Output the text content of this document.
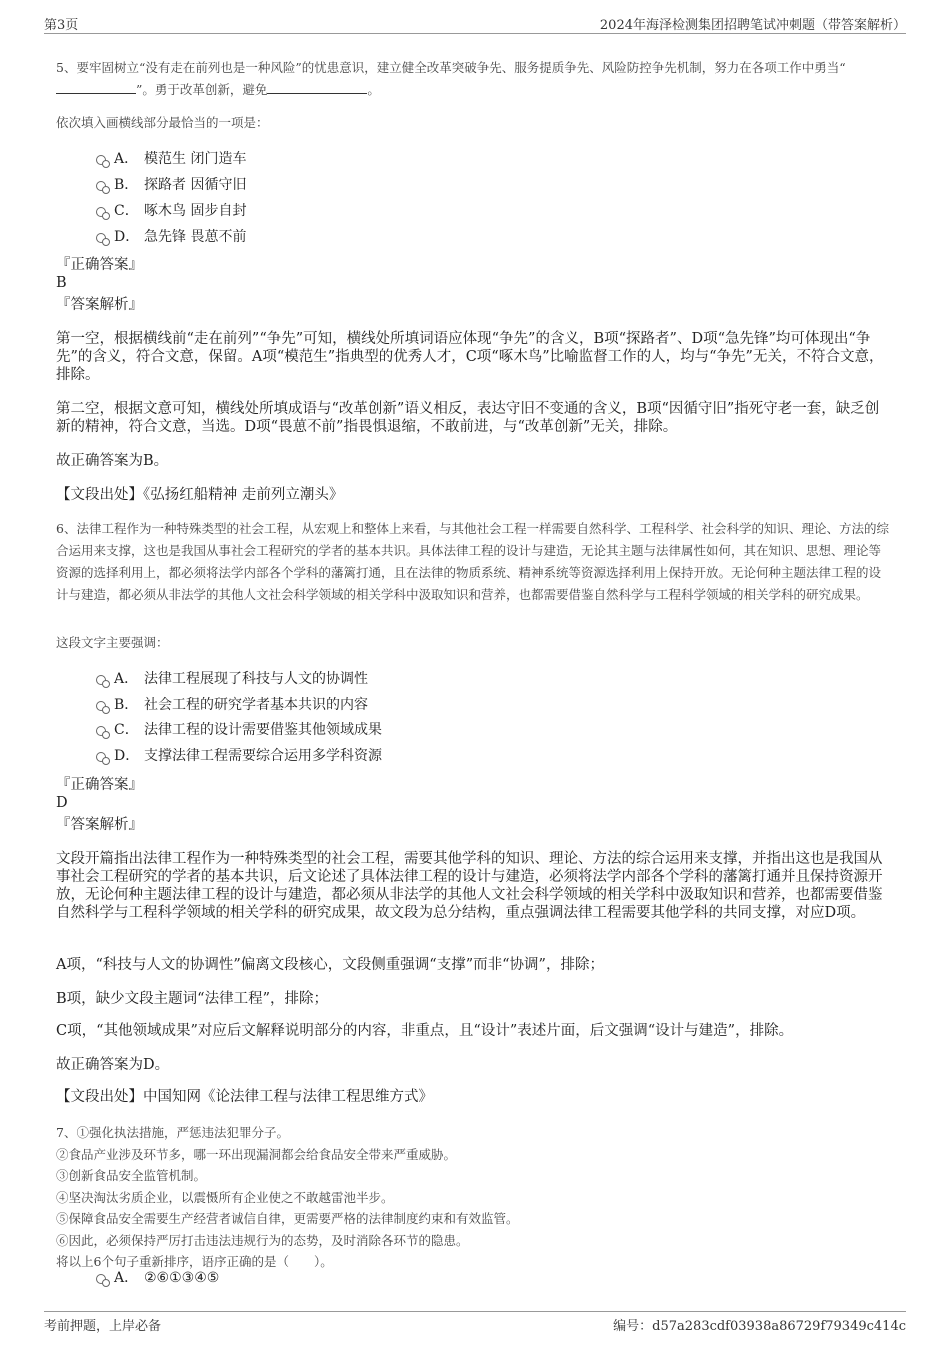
第3页	2024年海泽检测集团招聘笔试冲刺题（带答案解析）
5、要牢固树立“没有走在前列也是一种风险”的忧患意识，建立健全改革突破争先、服务提质争先、风险防控争先机制，努力在各项工作中勇当“”。勇于改革创新，避免	。
依次填入画横线部分最恰当的一项是：
A． 模范生 闭门造车
B． 探路者 因循守旧
C． 啄木鸟 固步自封
D． 急先锋 畏葸不前
『正确答案』
B
『答案解析』
第一空，根据横线前“走在前列”“争先”可知，横线处所填词语应体现“争先”的含义，B项“探路者”、D项“急先锋”均可体现出“争先”的含义，符合文意，保留。A项“模范生”指典型的优秀人才，C项“啄木鸟”比喻监督工作的人，均与“争先”无关，不符合文意，排除。
第二空，根据文意可知，横线处所填成语与“改革创新”语义相反，表达守旧不变通的含义，B项“因循守旧”指死守老一套，缺乏创新的精神，符合文意，当选。D项“畏葸不前”指畏惧退缩，不敢前进，与“改革创新”无关，排除。
故正确答案为B。
【文段出处】《弘扬红船精神 走前列立潮头》
6、法律工程作为一种特殊类型的社会工程，从宏观上和整体上来看，与其他社会工程一样需要自然科学、工程科学、社会科学的知识、理论、方法的综合运用来支撑，这也是我国从事社会工程研究的学者的基本共识。具体法律工程的设计与建造，无论其主题与法律属性如何，其在知识、思想、理论等资源的选择利用上，都必须将法学内部各个学科的藩篱打通，且在法律的物质系统、精神系统等资源选择利用上保持开放。无论何种主题法律工程的设计与建造，都必须从非法学的其他人文社会科学领域的相关学科中汲取知识和营养，也都需要借鉴自然科学与工程科学领域的相关学科的研究成果。
这段文字主要强调：
A． 法律工程展现了科技与人文的协调性
B． 社会工程的研究学者基本共识的内容
C． 法律工程的设计需要借鉴其他领域成果
D． 支撑法律工程需要综合运用多学科资源
『正确答案』
D
『答案解析』
文段开篇指出法律工程作为一种特殊类型的社会工程，需要其他学科的知识、理论、方法的综合运用来支撑，并指出这也是我国从事社会工程研究的学者的基本共识，后文论述了具体法律工程的设计与建造，必须将法学内部各个学科的藩篱打通并且保持资源开放，无论何种主题法律工程的设计与建造，都必须从非法学的其他人文社会科学领域的相关学科中汲取知识和营养，也都需要借鉴自然科学与工程科学领域的相关学科的研究成果，故文段为总分结构，重点强调法律工程需要其他学科的共同支撑，对应D项。
A项，“科技与人文的协调性”偏离文段核心，文段侧重强调“支撑”而非“协调”，排除；
B项，缺少文段主题词“法律工程”，排除；
C项，“其他领域成果”对应后文解释说明部分的内容，非重点，且“设计”表述片面，后文强调“设计与建造”，排除。
故正确答案为D。
【文段出处】中国知网《论法律工程与法律工程思维方式》
7、①强化执法措施，严惩违法犯罪分子。
②食品产业涉及环节多，哪一环出现漏洞都会给食品安全带来严重威胁。
③创新食品安全监管机制。
④坚决淘汰劣质企业，以震慑所有企业使之不敢越雷池半步。
⑤保障食品安全需要生产经营者诚信自律，更需要严格的法律制度约束和有效监管。
⑥因此，必须保持严厉打击违法违规行为的态势，及时消除各环节的隐患。
将以上6个句子重新排序，语序正确的是（　　）。
A． ②⑥①③④⑤
考前押题，上岸必备	编号：d57a283cdf03938a86729f79349c414c
